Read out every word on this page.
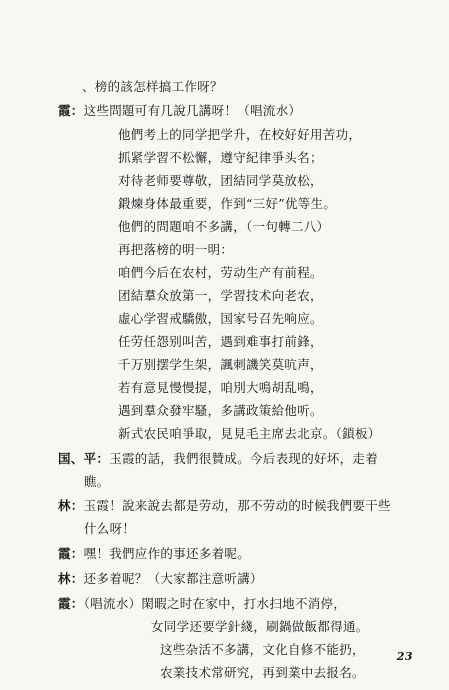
、榜的該怎样搞工作呀？
霞：这些問題可有几說几講呀！（唱流水）
他們考上的同学把学升，在校好好用苦功，
抓紧学習不松懈，遵守紀律爭头名；
对待老师要尊敬，团結同学莫放松，
鍛煉身体最重要，作到“三好”优等生。
他們的問題咱不多講，（一句轉二八）
再把落榜的明一明：
咱們今后在农村，劳动生产有前程。
团結羣众放第一，学習技术向老农，
虛心学習戒驕傲，国家号召先响应。
任劳任怨别叫苦，遇到难事打前鋒，
千万别摆学生架，諷刺譏笑莫吭声，
若有意見慢慢提，咱別大鳴胡乱鳴，
遇到羣众發牢騷，多講政策給他听。
新式农民咱爭取，見見毛主席去北京。（鎖板）
国、平：玉霞的話，我們很贊成。今后表现的好坏，走着
瞧。
林：玉霞！說来說去都是劳动，那不劳动的时候我們要干些
什么呀！
霞：嘿！我們应作的事还多着呢。
林：还多着呢？（大家都注意听講）
霞：（唱流水）閑暇之时在家中，打水扫地不消停，
女同学还要学針綫，刷鍋做飯都得通。
这些杂活不多講，文化自修不能扔，
农業技术常研究，再到業中去报名。
23
